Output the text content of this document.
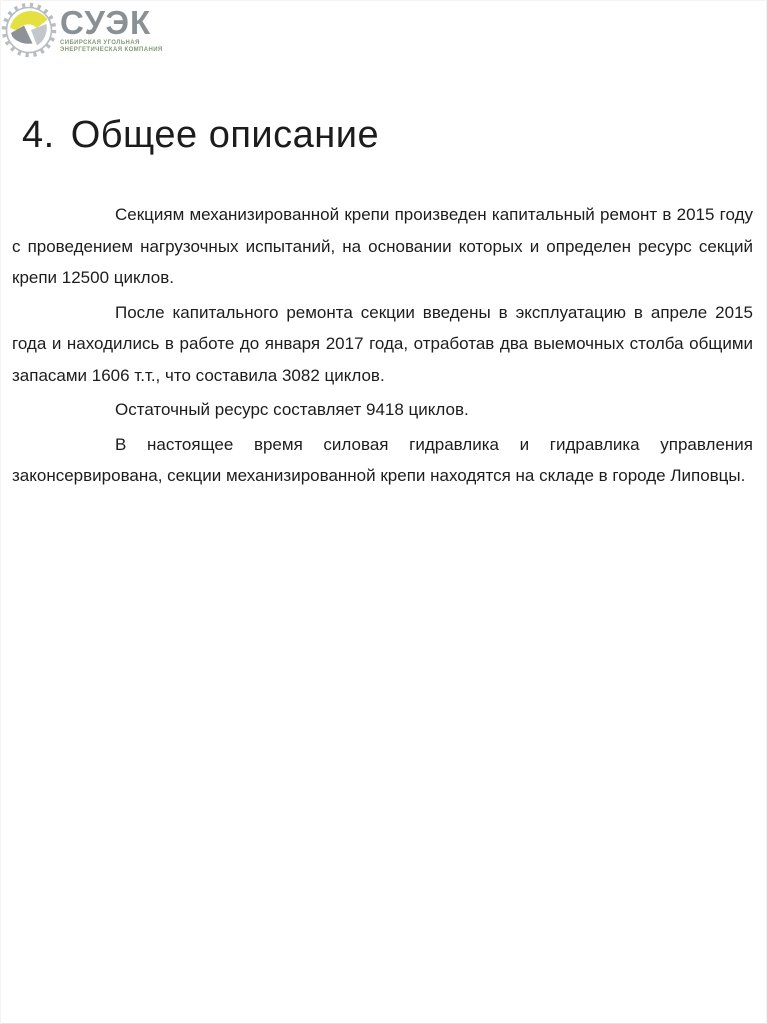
СУЭК
СИБИРСКАЯ УГОЛЬНАЯ
ЭНЕРГЕТИЧЕСКАЯ КОМПАНИЯ
4. Общее описание

Секциям механизированной крепи произведен капитальный ремонт в 2015 году с проведением нагрузочных испытаний, на основании которых и определен ресурс секций крепи 12500 циклов.

После капитального ремонта секции введены в эксплуатацию в апреле 2015 года и находились в работе до января 2017 года, отработав два выемочных столба общими запасами 1606 т.т., что составила 3082 циклов.

Остаточный ресурс составляет 9418 циклов.

В настоящее время силовая гидравлика и гидравлика управления законсервирована, секции механизированной крепи находятся на складе в городе Липовцы.
